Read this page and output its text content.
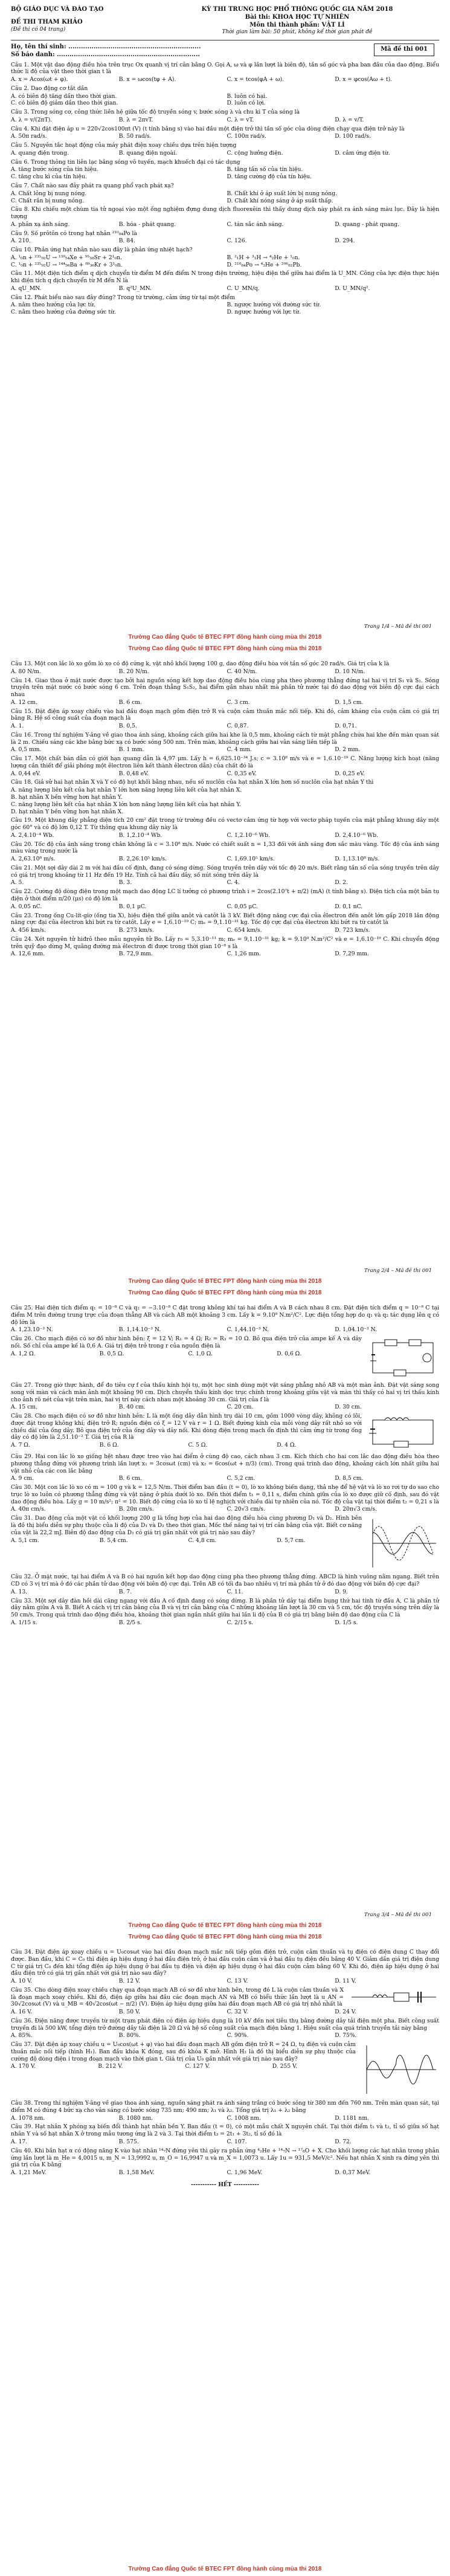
BỘ GIÁO DỤC VÀ ĐÀO TẠO
ĐỀ THI THAM KHẢO
(Đề thi có 04 trang)
KỲ THI TRUNG HỌC PHỔ THÔNG QUỐC GIA NĂM 2018
Bài thi: KHOA HỌC TỰ NHIÊN
Môn thi thành phần: VẬT LÍ
Thời gian làm bài: 50 phút, không kể thời gian phát đề
Họ, tên thí sinh: ...............................................................
Số báo danh: ....................................................................
Mã đề thi 001
Câu 1. Một vật dao động điều hòa trên trục Ox quanh vị trí cân bằng O. Gọi A, ω và φ lần lượt là biên độ, tần số góc và pha ban đầu của dao động. Biểu thức li độ của vật theo thời gian t là
A. x = Acos(ωt + φ).	B. x = ωcos(tφ + A).	C. x = tcos(φA + ω).	D. x = φcos(Aω + t).
Câu 2. Dao động cơ tắt dần
A. có biên độ tăng dần theo thời gian.	B. luôn có hại.
C. có biên độ giảm dần theo thời gian.	D. luôn có lợi.
Câu 3. Trong sóng cơ, công thức liên hệ giữa tốc độ truyền sóng v, bước sóng λ và chu kì T của sóng là
A. λ = v/(2πT).	B. λ = 2πvT.	C. λ = vT.	D. λ = v/T.
Câu 4. Khi đặt điện áp u = 220√2cos100πt (V) (t tính bằng s) vào hai đầu một điện trở thì tần số góc của dòng điện chạy qua điện trở này là
A. 50π rad/s.	B. 50 rad/s.	C. 100π rad/s.	D. 100 rad/s.
Câu 5. Nguyên tắc hoạt động của máy phát điện xoay chiều dựa trên hiện tượng
A. quang điện trong.	B. quang điện ngoài.	C. cộng hưởng điện.	D. cảm ứng điện từ.
Câu 6. Trong thông tin liên lạc bằng sóng vô tuyến, mạch khuếch đại có tác dụng
A. tăng bước sóng của tín hiệu.	B. tăng tần số của tín hiệu.
C. tăng chu kì của tín hiệu.	D. tăng cường độ của tín hiệu.
Câu 7. Chất nào sau đây phát ra quang phổ vạch phát xạ?
A. Chất lỏng bị nung nóng.	B. Chất khí ở áp suất lớn bị nung nóng.
C. Chất rắn bị nung nóng.	D. Chất khí nóng sáng ở áp suất thấp.
Câu 8. Khi chiếu một chùm tia tử ngoại vào một ống nghiệm đựng dung dịch fluorexêin thì thấy dung dịch này phát ra ánh sáng màu lục. Đây là hiện tượng
A. phản xạ ánh sáng.	B. hóa - phát quang.	C. tán sắc ánh sáng.	D. quang - phát quang.
Câu 9. Số prôtôn có trong hạt nhân ²¹⁰₈₄Po là
A. 210.	B. 84.	C. 126.	D. 294.
Câu 10. Phản ứng hạt nhân nào sau đây là phản ứng nhiệt hạch?
A. ¹₀n + ²³⁵₉₂U → ¹³⁹₅₄Xe + ⁹⁵₃₈Sr + 2¹₀n.	B. ²₁H + ³₁H → ⁴₂He + ¹₀n.
C. ¹₀n + ²³⁵₉₂U → ¹⁴⁴₅₆Ba + ⁸⁹₃₆Kr + 3¹₀n.	D. ²¹⁰₈₄Po → ⁴₂He + ²⁰⁶₈₂Pb.
Câu 11. Một điện tích điểm q dịch chuyển từ điểm M đến điểm N trong điện trường, hiệu điện thế giữa hai điểm là U_MN. Công của lực điện thực hiện khi điện tích q dịch chuyển từ M đến N là
A. qU_MN.	B. q²U_MN.	C. U_MN/q.	D. U_MN/q².
Câu 12. Phát biểu nào sau đây đúng? Trong từ trường, cảm ứng từ tại một điểm
A. nằm theo hướng của lực từ.	B. ngược hướng với đường sức từ.
C. nằm theo hướng của đường sức từ.	D. ngược hướng với lực từ.
Trang 1/4 – Mã đề thi 001
Trường Cao đẳng Quốc tế BTEC FPT đồng hành cùng mùa thi 2018
Trường Cao đẳng Quốc tế BTEC FPT đồng hành cùng mùa thi 2018
Câu 13. Một con lắc lò xo gồm lò xo có độ cứng k, vật nhỏ khối lượng 100 g, dao động điều hòa với tần số góc 20 rad/s. Giá trị của k là
A. 80 N/m.	B. 20 N/m.	C. 40 N/m.	D. 10 N/m.
Câu 14. Giao thoa ở mặt nước được tạo bởi hai nguồn sóng kết hợp dao động điều hòa cùng pha theo phương thẳng đứng tại hai vị trí S₁ và S₂. Sóng truyền trên mặt nước có bước sóng 6 cm. Trên đoạn thẳng S₁S₂, hai điểm gần nhau nhất mà phần tử nước tại đó dao động với biên độ cực đại cách nhau
A. 12 cm.	B. 6 cm.	C. 3 cm.	D. 1,5 cm.
Câu 15. Đặt điện áp xoay chiều vào hai đầu đoạn mạch gồm điện trở R và cuộn cảm thuần mắc nối tiếp. Khi đó, cảm kháng của cuộn cảm có giá trị bằng R. Hệ số công suất của đoạn mạch là
A. 1.	B. 0,5.	C. 0,87.	D. 0,71.
Câu 16. Trong thí nghiệm Y-âng về giao thoa ánh sáng, khoảng cách giữa hai khe là 0,5 mm, khoảng cách từ mặt phẳng chứa hai khe đến màn quan sát là 2 m. Chiếu sáng các khe bằng bức xạ có bước sóng 500 nm. Trên màn, khoảng cách giữa hai vân sáng liên tiếp là
A. 0,5 mm.	B. 1 mm.	C. 4 mm.	D. 2 mm.
Câu 17. Một chất bán dẫn có giới hạn quang dẫn là 4,97 μm. Lấy h = 6,625.10⁻³⁴ J.s; c = 3.10⁸ m/s và e = 1,6.10⁻¹⁹ C. Năng lượng kích hoạt (năng lượng cần thiết để giải phóng một êlectron liên kết thành êlectron dẫn) của chất đó là
A. 0,44 eV.	B. 0,48 eV.	C. 0,35 eV.	D. 0,25 eV.
Câu 18. Giả sử hai hạt nhân X và Y có độ hụt khối bằng nhau, nếu số nuclôn của hạt nhân X lớn hơn số nuclôn của hạt nhân Y thì
A. năng lượng liên kết của hạt nhân Y lớn hơn năng lượng liên kết của hạt nhân X.
B. hạt nhân X bền vững hơn hạt nhân Y.
C. năng lượng liên kết của hạt nhân X lớn hơn năng lượng liên kết của hạt nhân Y.
D. hạt nhân Y bền vững hơn hạt nhân X.
Câu 19. Một khung dây phẳng diện tích 20 cm² đặt trong từ trường đều có vectơ cảm ứng từ hợp với vectơ pháp tuyến của mặt phẳng khung dây một góc 60° và có độ lớn 0,12 T. Từ thông qua khung dây này là
A. 2,4.10⁻⁴ Wb.	B. 1,2.10⁻⁴ Wb.	C. 1,2.10⁻⁶ Wb.	D. 2,4.10⁻⁶ Wb.
Câu 20. Tốc độ của ánh sáng trong chân không là c = 3.10⁸ m/s. Nước có chiết suất n = 1,33 đối với ánh sáng đơn sắc màu vàng. Tốc độ của ánh sáng màu vàng trong nước là
A. 2,63.10⁸ m/s.	B. 2,26.10⁵ km/s.	C. 1,69.10⁵ km/s.	D. 1,13.10⁸ m/s.
Câu 21. Một sợi dây dài 2 m với hai đầu cố định, đang có sóng dừng. Sóng truyền trên dây với tốc độ 20 m/s. Biết rằng tần số của sóng truyền trên dây có giá trị trong khoảng từ 11 Hz đến 19 Hz. Tính cả hai đầu dây, số nút sóng trên dây là
A. 5.	B. 3.	C. 4.	D. 2.
Câu 22. Cường độ dòng điện trong một mạch dao động LC lí tưởng có phương trình i = 2cos(2.10⁷t + π/2) (mA) (t tính bằng s). Điện tích của một bản tụ điện ở thời điểm π/20 (μs) có độ lớn là
A. 0,05 nC.	B. 0,1 μC.	C. 0,05 μC.	D. 0,1 nC.
Câu 23. Trong ống Cu-lít-giơ (ống tia X), hiệu điện thế giữa anôt và catôt là 3 kV. Biết động năng cực đại của êlectron đến anôt lớn gấp 2018 lần động năng cực đại của êlectron khi bứt ra từ catôt. Lấy e = 1,6.10⁻¹⁹ C; mₑ = 9,1.10⁻³¹ kg. Tốc độ cực đại của êlectron khi bứt ra từ catôt là
A. 456 km/s.	B. 273 km/s.	C. 654 km/s.	D. 723 km/s.
Câu 24. Xét nguyên tử hiđrô theo mẫu nguyên tử Bo. Lấy r₀ = 5,3.10⁻¹¹ m; mₑ = 9,1.10⁻³¹ kg; k = 9.10⁹ N.m²/C² và e = 1,6.10⁻¹⁹ C. Khi chuyển động trên quỹ đạo dừng M, quãng đường mà êlectron đi được trong thời gian 10⁻⁸ s là
A. 12,6 mm.	B. 72,9 mm.	C. 1,26 mm.	D. 7,29 mm.
Trang 2/4 – Mã đề thi 001
Trường Cao đẳng Quốc tế BTEC FPT đồng hành cùng mùa thi 2018
Trường Cao đẳng Quốc tế BTEC FPT đồng hành cùng mùa thi 2018
Câu 25. Hai điện tích điểm q₁ = 10⁻⁸ C và q₂ = −3.10⁻⁸ C đặt trong không khí tại hai điểm A và B cách nhau 8 cm. Đặt điện tích điểm q = 10⁻⁸ C tại điểm M trên đường trung trực của đoạn thẳng AB và cách AB một khoảng 3 cm. Lấy k = 9.10⁹ N.m²/C². Lực điện tổng hợp do q₁ và q₂ tác dụng lên q có độ lớn là
A. 1,23.10⁻³ N.	B. 1,14.10⁻³ N.	C. 1,44.10⁻³ N.	D. 1,04.10⁻³ N.
Câu 26. Cho mạch điện có sơ đồ như hình bên: ξ = 12 V; R₁ = 4 Ω; R₂ = R₃ = 10 Ω. Bỏ qua điện trở của ampe kế A và dây nối. Số chỉ của ampe kế là 0,6 A. Giá trị điện trở trong r của nguồn điện là
A. 1,2 Ω.	B. 0,5 Ω.	C. 1,0 Ω.	D. 0,6 Ω.
Câu 27. Trong giờ thực hành, để đo tiêu cự f của thấu kính hội tụ, một học sinh dùng một vật sáng phẳng nhỏ AB và một màn ảnh. Đặt vật sáng song song với màn và cách màn ảnh một khoảng 90 cm. Dịch chuyển thấu kính dọc trục chính trong khoảng giữa vật và màn thì thấy có hai vị trí thấu kính cho ảnh rõ nét của vật trên màn, hai vị trí này cách nhau một khoảng 30 cm. Giá trị của f là
A. 15 cm.	B. 40 cm.	C. 20 cm.	D. 30 cm.
Câu 28. Cho mạch điện có sơ đồ như hình bên: L là một ống dây dẫn hình trụ dài 10 cm, gồm 1000 vòng dây, không có lõi, được đặt trong không khí; điện trở R; nguồn điện có ξ = 12 V và r = 1 Ω. Biết đường kính của mỗi vòng dây rất nhỏ so với chiều dài của ống dây. Bỏ qua điện trở của ống dây và dây nối. Khi dòng điện trong mạch ổn định thì cảm ứng từ trong ống dây có độ lớn là 2,51.10⁻² T. Giá trị của R là
A. 7 Ω.	B. 6 Ω.	C. 5 Ω.	D. 4 Ω.
Câu 29. Hai con lắc lò xo giống hệt nhau được treo vào hai điểm ở cùng độ cao, cách nhau 3 cm. Kích thích cho hai con lắc dao động điều hòa theo phương thẳng đứng với phương trình lần lượt x₁ = 3cosωt (cm) và x₂ = 6cos(ωt + π/3) (cm). Trong quá trình dao động, khoảng cách lớn nhất giữa hai vật nhỏ của các con lắc bằng
A. 9 cm.	B. 6 cm.	C. 5,2 cm.	D. 8,5 cm.
Câu 30. Một con lắc lò xo có m = 100 g và k = 12,5 N/m. Thời điểm ban đầu (t = 0), lò xo không biến dạng, thả nhẹ để hệ vật và lò xo rơi tự do sao cho trục lò xo luôn có phương thẳng đứng và vật nặng ở phía dưới lò xo. Đến thời điểm t₁ = 0,11 s, điểm chính giữa của lò xo được giữ cố định, sau đó vật dao động điều hòa. Lấy g = 10 m/s²; π² = 10. Biết độ cứng của lò xo tỉ lệ nghịch với chiều dài tự nhiên của nó. Tốc độ của vật tại thời điểm t₂ = 0,21 s là
A. 40π cm/s.	B. 20π cm/s.	C. 20√3 cm/s.	D. 20π√3 cm/s.
Câu 31. Dao động của một vật có khối lượng 200 g là tổng hợp của hai dao động điều hòa cùng phương D₁ và D₂. Hình bên là đồ thị biểu diễn sự phụ thuộc của li độ của D₁ và D₂ theo thời gian. Mốc thế năng tại vị trí cân bằng của vật. Biết cơ năng của vật là 22,2 mJ. Biên độ dao động của D₂ có giá trị gần nhất với giá trị nào sau đây?
A. 5,1 cm.	B. 5,4 cm.	C. 4,8 cm.	D. 5,7 cm.
Câu 32. Ở mặt nước, tại hai điểm A và B có hai nguồn kết hợp dao động cùng pha theo phương thẳng đứng. ABCD là hình vuông nằm ngang. Biết trên CD có 3 vị trí mà ở đó các phần tử dao động với biên độ cực đại. Trên AB có tối đa bao nhiêu vị trí mà phần tử ở đó dao động với biên độ cực đại?
A. 13.	B. 7.	C. 11.	D. 9.
Câu 33. Một sợi dây đàn hồi dài căng ngang với đầu A cố định đang có sóng dừng. B là phần tử dây tại điểm bụng thứ hai tính từ đầu A, C là phần tử dây nằm giữa A và B. Biết A cách vị trí cân bằng của B và vị trí cân bằng của C những khoảng lần lượt là 30 cm và 5 cm, tốc độ truyền sóng trên dây là 50 cm/s. Trong quá trình dao động điều hòa, khoảng thời gian ngắn nhất giữa hai lần li độ của B có giá trị bằng biên độ dao động của C là
A. 1/15 s.	B. 2/5 s.	C. 2/15 s.	D. 1/5 s.
Trang 3/4 – Mã đề thi 001
Trường Cao đẳng Quốc tế BTEC FPT đồng hành cùng mùa thi 2018
Trường Cao đẳng Quốc tế BTEC FPT đồng hành cùng mùa thi 2018
Câu 34. Đặt điện áp xoay chiều u = U₀cosωt vào hai đầu đoạn mạch mắc nối tiếp gồm điện trở, cuộn cảm thuần và tụ điện có điện dung C thay đổi được. Ban đầu, khi C = C₀ thì điện áp hiệu dụng ở hai đầu điện trở, ở hai đầu cuộn cảm và ở hai đầu tụ điện đều bằng 40 V. Giảm dần giá trị điện dung C từ giá trị C₀ đến khi tổng điện áp hiệu dụng ở hai đầu tụ điện và điện áp hiệu dụng ở hai đầu cuộn cảm bằng 60 V. Khi đó, điện áp hiệu dụng ở hai đầu điện trở có giá trị gần nhất với giá trị nào sau đây?
A. 10 V.	B. 12 V.	C. 13 V.	D. 11 V.
Câu 35. Cho dòng điện xoay chiều chạy qua đoạn mạch AB có sơ đồ như hình bên, trong đó L là cuộn cảm thuần và X là đoạn mạch xoay chiều. Khi đó, điện áp giữa hai đầu các đoạn mạch AN và MB có biểu thức lần lượt là u_AN = 30√2cosωt (V) và u_MB = 40√2cos(ωt − π/2) (V). Điện áp hiệu dụng giữa hai đầu đoạn mạch AB có giá trị nhỏ nhất là
A. 16 V.	B. 50 V.	C. 32 V.	D. 24 V.
Câu 36. Điện năng được truyền từ một trạm phát điện có điện áp hiệu dụng là 10 kV đến nơi tiêu thụ bằng đường dây tải điện một pha. Biết công suất truyền đi là 500 kW, tổng điện trở đường dây tải điện là 20 Ω và hệ số công suất của mạch điện bằng 1. Hiệu suất của quá trình truyền tải này bằng
A. 85%.	B. 80%.	C. 90%.	D. 75%.
Câu 37. Đặt điện áp xoay chiều u = U₀cos(ωt + φ) vào hai đầu đoạn mạch AB gồm điện trở R = 24 Ω, tụ điện và cuộn cảm thuần mắc nối tiếp (hình H₁). Ban đầu khóa K đóng, sau đó khóa K mở. Hình H₂ là đồ thị biểu diễn sự phụ thuộc của cường độ dòng điện i trong đoạn mạch vào thời gian t. Giá trị của U₀ gần nhất với giá trị nào sau đây?
A. 170 V.	B. 212 V.	C. 127 V.	D. 255 V.
Câu 38. Trong thí nghiệm Y-âng về giao thoa ánh sáng, nguồn sáng phát ra ánh sáng trắng có bước sóng từ 380 nm đến 760 nm. Trên màn quan sát, tại điểm M có đúng 4 bức xạ cho vân sáng có bước sóng 735 nm; 490 nm; λ₁ và λ₂. Tổng giá trị λ₁ + λ₂ bằng
A. 1078 nm.	B. 1080 nm.	C. 1008 nm.	D. 1181 nm.
Câu 39. Hạt nhân X phóng xạ biến đổi thành hạt nhân bền Y. Ban đầu (t = 0), có một mẫu chất X nguyên chất. Tại thời điểm t₁ và t₂, tỉ số giữa số hạt nhân Y và số hạt nhân X ở trong mẫu tương ứng là 2 và 3. Tại thời điểm t₃ = 2t₁ + 3t₂, tỉ số đó là
A. 17.	B. 575.	C. 107.	D. 72.
Câu 40. Khi bắn hạt α có động năng K vào hạt nhân ¹⁴₇N đứng yên thì gây ra phản ứng ⁴₂He + ¹⁴₇N → ¹⁷₈O + X. Cho khối lượng các hạt nhân trong phản ứng lần lượt là m_He = 4,0015 u, m_N = 13,9992 u, m_O = 16,9947 u và m_X = 1,0073 u. Lấy 1u = 931,5 MeV/c². Nếu hạt nhân X sinh ra đứng yên thì giá trị của K bằng
A. 1,21 MeV.	B. 1,58 MeV.	C. 1,96 MeV.	D. 0,37 MeV.
----------- HẾT -----------
Trường Cao đẳng Quốc tế BTEC FPT đồng hành cùng mùa thi 2018
